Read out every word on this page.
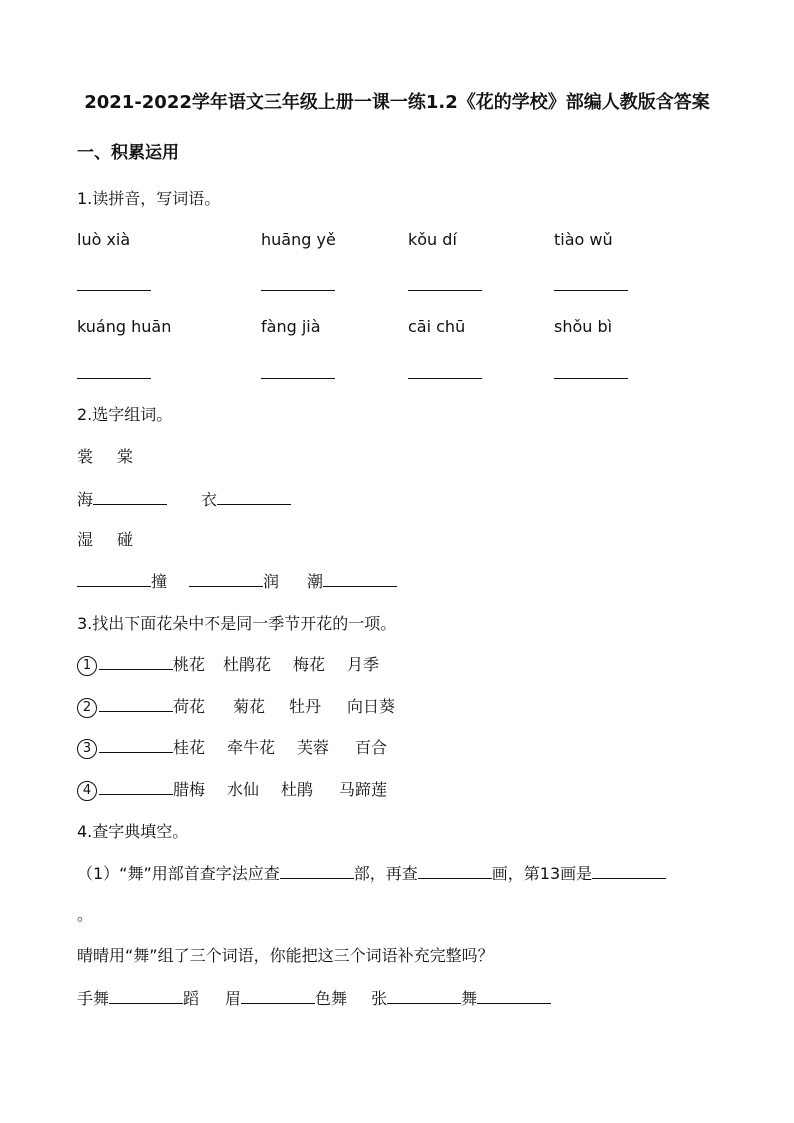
2021-2022学年语文三年级上册一课一练1.2《花的学校》部编人教版含答案
一、积累运用
1.读拼音，写词语。
luò xià	huāng yě	kǒu dí	tiào wǔ
kuáng huān	fàng jià	cāi chū	shǒu bì
2.选字组词。
裳 棠
海	衣
湿 碰
撞	润 潮
3.找出下面花朵中不是同一季节开花的一项。
1	桃花 杜鹃花 梅花 月季
2	荷花 菊花 牡丹 向日葵
3	桂花 牵牛花 芙蓉 百合
4	腊梅 水仙 杜鹃 马蹄莲
4.查字典填空。
（1）“舞”用部首查字法应查	部，再查	画，第13画是
。
晴晴用“舞”组了三个词语，你能把这三个词语补充完整吗？
手舞	蹈 眉	色舞 张	舞
